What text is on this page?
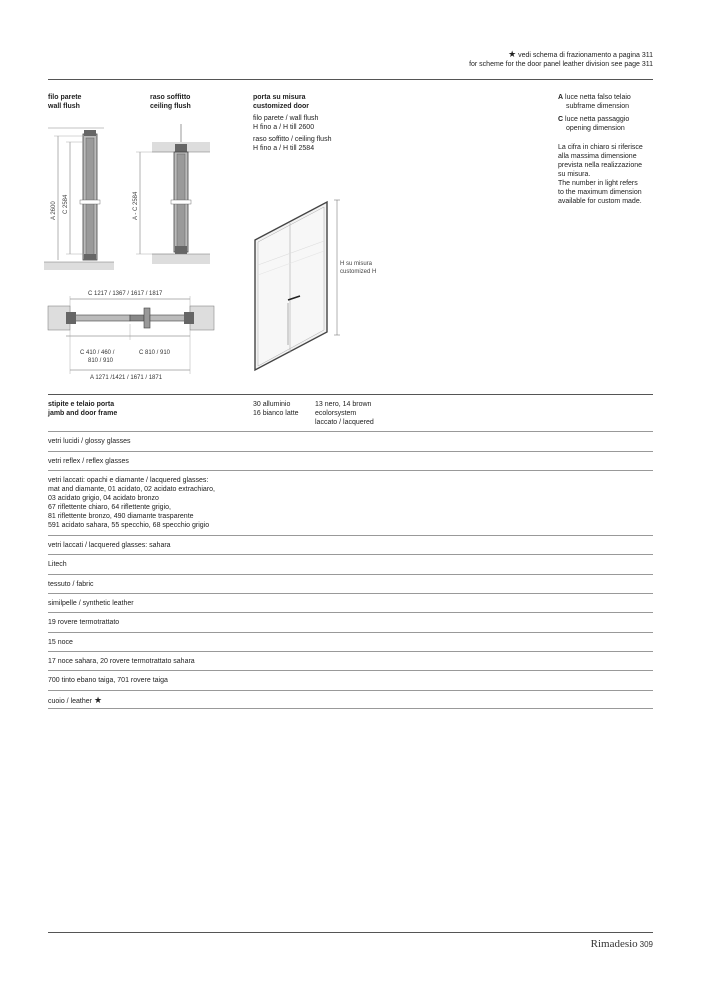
★ vedi schema di frazionamento a pagina 311
for scheme for the door panel leather division see page 311
filo parete
wall flush
raso soffitto
ceiling flush
porta su misura
customized door
filo parete / wall flush
H fino a / H till 2600
raso soffitto / ceiling flush
H fino a / H till 2584
A luce netta falso telaio
subframe dimension
C luce netta passaggio
opening dimension
La cifra in chiaro si riferisce
alla massima dimensione
prevista nella realizzazione
su misura.
The number in light refers
to the maximum dimension
available for custom made.
A 2600 C 2584	A - C 2584
C 1217 / 1367 / 1617 / 1817
C 410 / 460 /
810 / 910
C 810 / 910
A 1271 /1421 / 1671 / 1871
H su misura
customized H
stipite e telaio porta
jamb and door frame
30 alluminio
16 bianco latte
13 nero, 14 brown
ecolorsystem
laccato / lacquered
vetri lucidi / glossy glasses
vetri reflex / reflex glasses
vetri laccati: opachi e diamante / lacquered glasses:
mat and diamante, 01 acidato, 02 acidato extrachiaro,
03 acidato grigio, 04 acidato bronzo
67 riflettente chiaro, 64 riflettente grigio,
81 riflettente bronzo, 490 diamante trasparente
591 acidato sahara, 55 specchio, 68 specchio grigio
vetri laccati / lacquered glasses: sahara
Litech
tessuto / fabric
similpelle / synthetic leather
19 rovere termotrattato
15 noce
17 noce sahara, 20 rovere termotrattato sahara
700 tinto ebano taiga, 701 rovere taiga
cuoio / leather ★
Rimadesio 309
